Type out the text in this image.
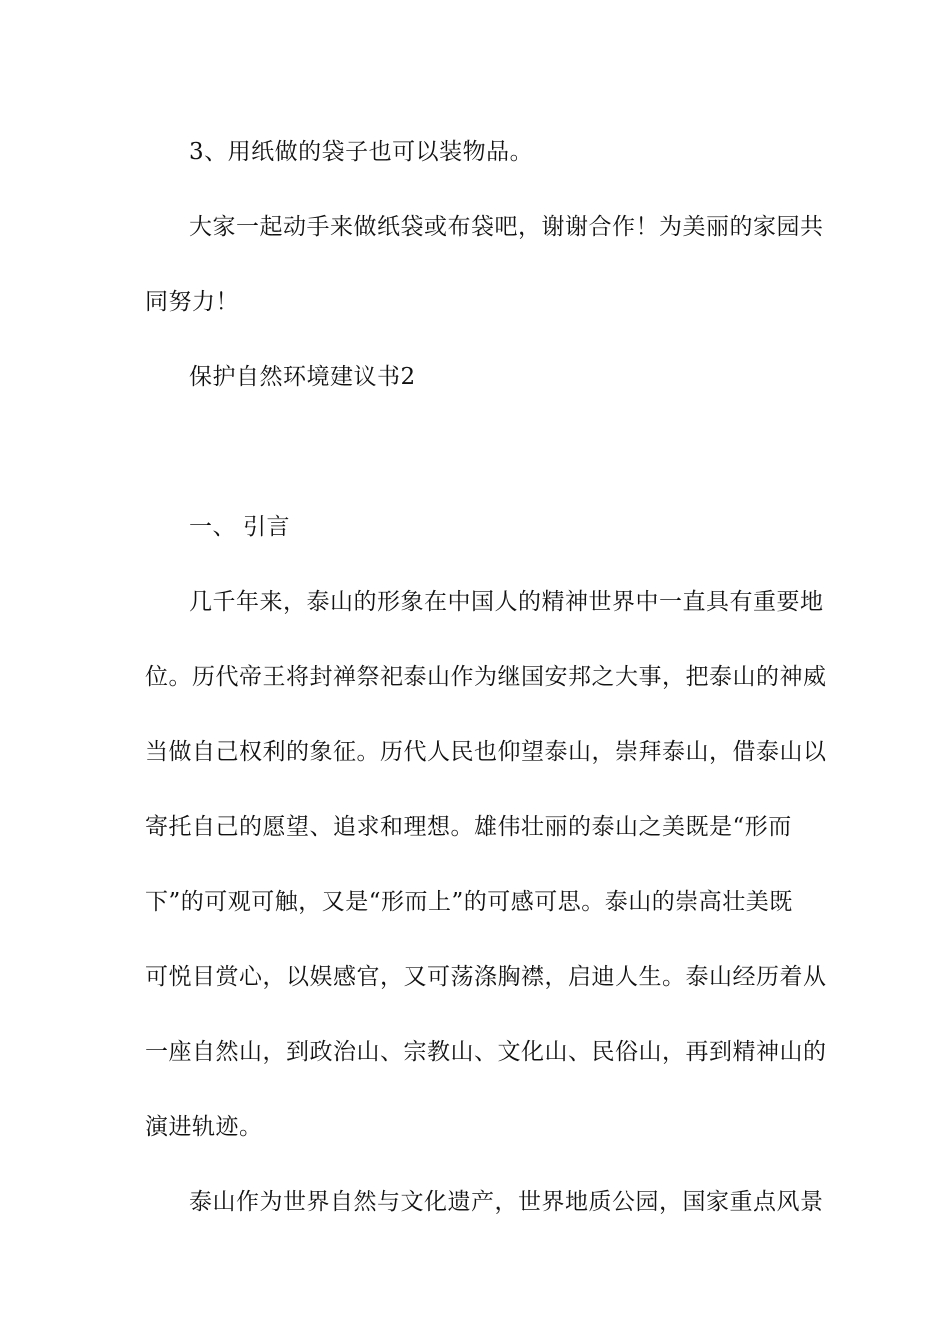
3、用纸做的袋子也可以装物品。
大家一起动手来做纸袋或布袋吧，谢谢合作！为美丽的家园共
同努力！
保护自然环境建议书2
一、 引言
几千年来，泰山的形象在中国人的精神世界中一直具有重要地
位。历代帝王将封禅祭祀泰山作为继国安邦之大事，把泰山的神威
当做自己权利的象征。历代人民也仰望泰山，崇拜泰山，借泰山以
寄托自己的愿望、追求和理想。雄伟壮丽的泰山之美既是“形而
下”的可观可触，又是“形而上”的可感可思。泰山的崇高壮美既
可悦目赏心，以娱感官，又可荡涤胸襟，启迪人生。泰山经历着从
一座自然山，到政治山、宗教山、文化山、民俗山，再到精神山的
演进轨迹。
泰山作为世界自然与文化遗产，世界地质公园，国家重点风景
